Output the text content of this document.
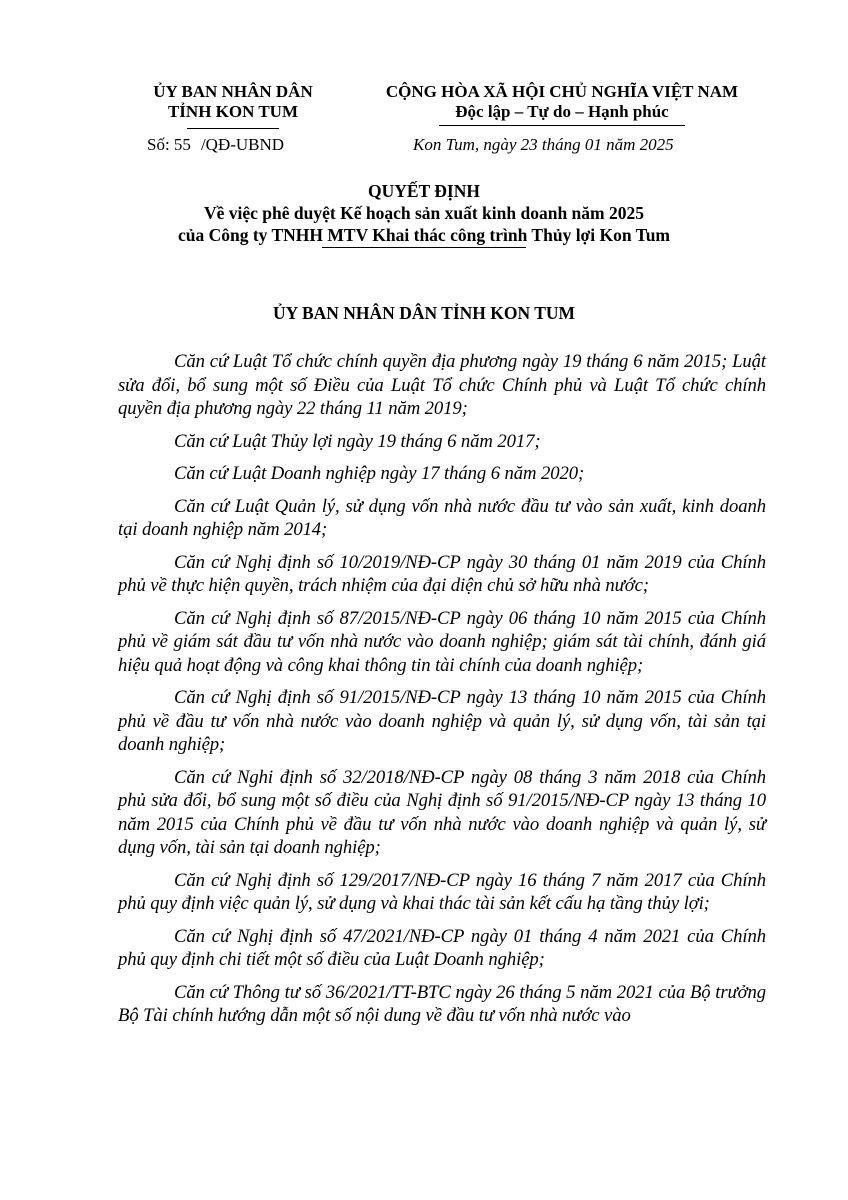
ỦY BAN NHÂN DÂN
TỈNH KON TUM
CỘNG HÒA XÃ HỘI CHỦ NGHĨA VIỆT NAM
Độc lập – Tự do – Hạnh phúc
Số: 55 /QĐ-UBND	Kon Tum, ngày 23 tháng 01 năm 2025
QUYẾT ĐỊNH
Về việc phê duyệt Kế hoạch sản xuất kinh doanh năm 2025
của Công ty TNHH MTV Khai thác công trình Thủy lợi Kon Tum
ỦY BAN NHÂN DÂN TỈNH KON TUM

Căn cứ Luật Tổ chức chính quyền địa phương ngày 19 tháng 6 năm 2015; Luật sửa đổi, bổ sung một số Điều của Luật Tổ chức Chính phủ và Luật Tổ chức chính quyền địa phương ngày 22 tháng 11 năm 2019;

Căn cứ Luật Thủy lợi ngày 19 tháng 6 năm 2017;

Căn cứ Luật Doanh nghiệp ngày 17 tháng 6 năm 2020;

Căn cứ Luật Quản lý, sử dụng vốn nhà nước đầu tư vào sản xuất, kinh doanh tại doanh nghiệp năm 2014;

Căn cứ Nghị định số 10/2019/NĐ-CP ngày 30 tháng 01 năm 2019 của Chính phủ về thực hiện quyền, trách nhiệm của đại diện chủ sở hữu nhà nước;

Căn cứ Nghị định số 87/2015/NĐ-CP ngày 06 tháng 10 năm 2015 của Chính phủ về giám sát đầu tư vốn nhà nước vào doanh nghiệp; giám sát tài chính, đánh giá hiệu quả hoạt động và công khai thông tin tài chính của doanh nghiệp;

Căn cứ Nghị định số 91/2015/NĐ-CP ngày 13 tháng 10 năm 2015 của Chính phủ về đầu tư vốn nhà nước vào doanh nghiệp và quản lý, sử dụng vốn, tài sản tại doanh nghiệp;

Căn cứ Nghi định số 32/2018/NĐ-CP ngày 08 tháng 3 năm 2018 của Chính phủ sửa đổi, bổ sung một số điều của Nghị định số 91/2015/NĐ-CP ngày 13 tháng 10 năm 2015 của Chính phủ về đầu tư vốn nhà nước vào doanh nghiệp và quản lý, sử dụng vốn, tài sản tại doanh nghiệp;

Căn cứ Nghị định số 129/2017/NĐ-CP ngày 16 tháng 7 năm 2017 của Chính phủ quy định việc quản lý, sử dụng và khai thác tài sản kết cấu hạ tầng thủy lợi;

Căn cứ Nghị định số 47/2021/NĐ-CP ngày 01 tháng 4 năm 2021 của Chính phủ quy định chi tiết một số điều của Luật Doanh nghiệp;

Căn cứ Thông tư số 36/2021/TT-BTC ngày 26 tháng 5 năm 2021 của Bộ trưởng Bộ Tài chính hướng dẫn một số nội dung về đầu tư vốn nhà nước vào
